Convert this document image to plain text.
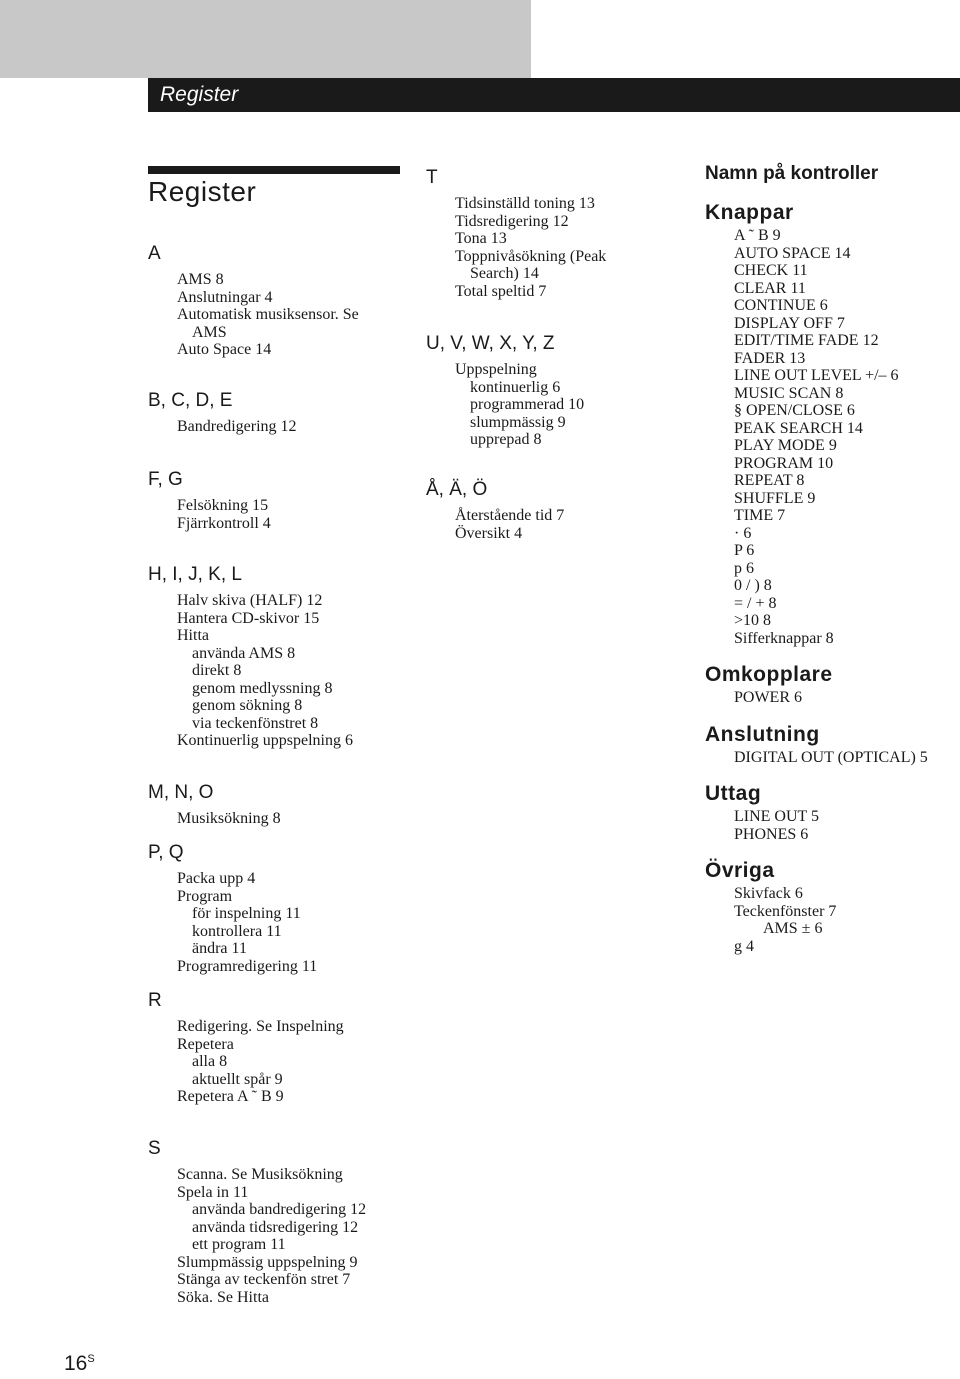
Register
Register
A
AMS 8
Anslutningar 4
Automatisk musiksensor. Se
AMS
Auto Space 14
B, C, D, E
Bandredigering 12
F, G
Felsökning 15
Fjärrkontroll 4
H, I, J, K, L
Halv skiva (HALF) 12
Hantera CD-skivor 15
Hitta
använda AMS 8
direkt 8
genom medlyssning 8
genom sökning 8
via teckenfönstret 8
Kontinuerlig uppspelning 6
M, N, O
Musiksökning 8
P, Q
Packa upp 4
Program
för inspelning 11
kontrollera 11
ändra 11
Programredigering 11
R
Redigering. Se Inspelning
Repetera
alla 8
aktuellt spår 9
Repetera A ˜ B 9
S
Scanna. Se Musiksökning
Spela in 11
använda bandredigering 12
använda tidsredigering 12
ett program 11
Slumpmässig uppspelning 9
Stänga av teckenfön stret 7
Söka. Se Hitta
T
Tidsinställd toning 13
Tidsredigering 12
Tona 13
Toppnivåsökning (Peak
Search) 14
Total speltid 7
U, V, W, X, Y, Z
Uppspelning
kontinuerlig 6
programmerad 10
slumpmässig 9
upprepad 8
Å, Ä, Ö
Återstående tid 7
Översikt 4
Namn på kontroller
Knappar
A ˜ B 9
AUTO SPACE 14
CHECK 11
CLEAR 11
CONTINUE 6
DISPLAY OFF 7
EDIT/TIME FADE 12
FADER 13
LINE OUT LEVEL +/– 6
MUSIC SCAN 8
§ OPEN/CLOSE 6
PEAK SEARCH 14
PLAY MODE 9
PROGRAM 10
REPEAT 8
SHUFFLE 9
TIME 7
· 6
P 6
p 6
0 / ) 8
= / + 8
>10 8
Sifferknappar 8
Omkopplare
POWER 6
Anslutning
DIGITAL OUT (OPTICAL) 5
Uttag
LINE OUT 5
PHONES 6
Övriga
Skivfack 6
Teckenfönster 7
AMS ± 6
g 4
$16^S$
